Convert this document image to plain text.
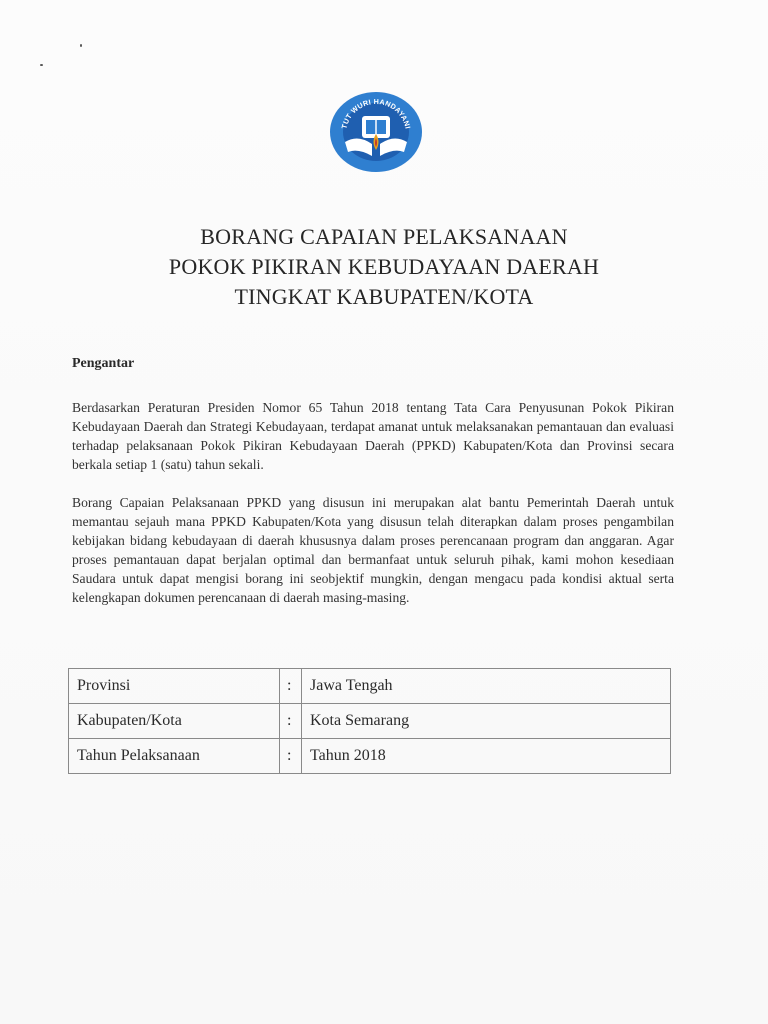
TUT WURI HANDAYANI
BORANG CAPAIAN PELAKSANAAN
POKOK PIKIRAN KEBUDAYAAN DAERAH
TINGKAT KABUPATEN/KOTA
Pengantar
Berdasarkan Peraturan Presiden Nomor 65 Tahun 2018 tentang Tata Cara Penyusunan Pokok Pikiran Kebudayaan Daerah dan Strategi Kebudayaan, terdapat amanat untuk melaksanakan pemantauan dan evaluasi terhadap pelaksanaan Pokok Pikiran Kebudayaan Daerah (PPKD) Kabupaten/Kota dan Provinsi secara berkala setiap 1 (satu) tahun sekali.
Borang Capaian Pelaksanaan PPKD yang disusun ini merupakan alat bantu Pemerintah Daerah untuk memantau sejauh mana PPKD Kabupaten/Kota yang disusun telah diterapkan dalam proses pengambilan kebijakan bidang kebudayaan di daerah khususnya dalam proses perencanaan program dan anggaran. Agar proses pemantauan dapat berjalan optimal dan bermanfaat untuk seluruh pihak, kami mohon kesediaan Saudara untuk dapat mengisi borang ini seobjektif mungkin, dengan mengacu pada kondisi aktual serta kelengkapan dokumen perencanaan di daerah masing-masing.
Provinsi	:	Jawa Tengah
Kabupaten/Kota	:	Kota Semarang
Tahun Pelaksanaan	:	Tahun 2018
